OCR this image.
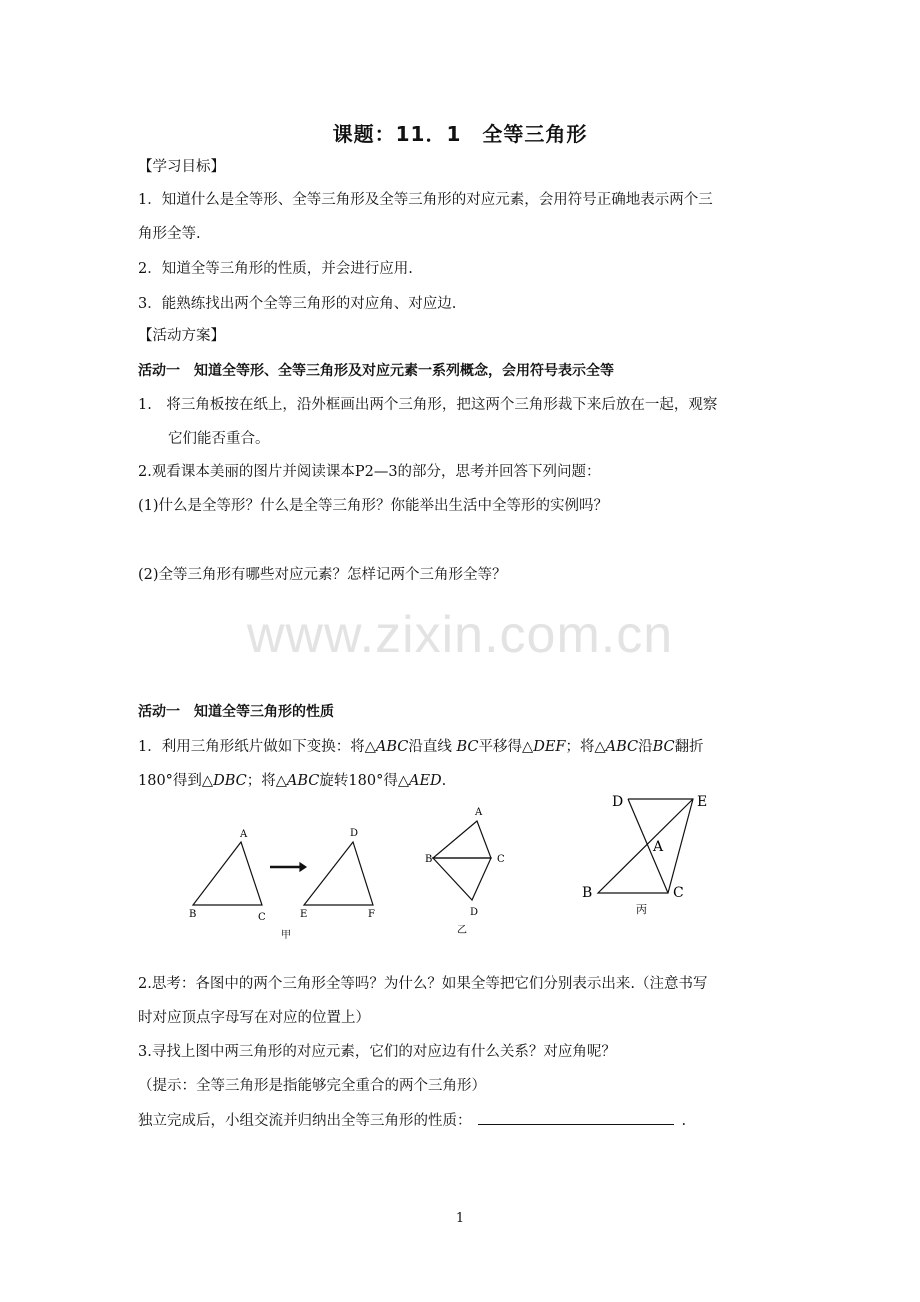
课题：11．1　全等三角形
【学习目标】
1．知道什么是全等形、全等三角形及全等三角形的对应元素，会用符号正确地表示两个三
角形全等.
2．知道全等三角形的性质，并会进行应用.
3．能熟练找出两个全等三角形的对应角、对应边.
【活动方案】
活动一　知道全等形、全等三角形及对应元素一系列概念，会用符号表示全等
1.　将三角板按在纸上，沿外框画出两个三角形，把这两个三角形裁下来后放在一起，观察
它们能否重合。
2.观看课本美丽的图片并阅读课本P2—3的部分，思考并回答下列问题：
(1)什么是全等形？什么是全等三角形？你能举出生活中全等形的实例吗？
(2)全等三角形有哪些对应元素？怎样记两个三角形全等？
www.zixin.com.cn
活动一　知道全等三角形的性质
1．利用三角形纸片做如下变换：将△ABC沿直线 BC平移得△DEF；将△ABC沿BC翻折
180°得到△DBC；将△ABC旋转180°得△AED.
A
B	C
D
E	F
甲
A
B	C
D
乙
D	E
A
B	C
丙
2.思考：各图中的两个三角形全等吗？为什么？如果全等把它们分别表示出来.（注意书写
时对应顶点字母写在对应的位置上）
3.寻找上图中两三角形的对应元素，它们的对应边有什么关系？对应角呢？
（提示：全等三角形是指能够完全重合的两个三角形）
独立完成后，小组交流并归纳出全等三角形的性质：	.
1
